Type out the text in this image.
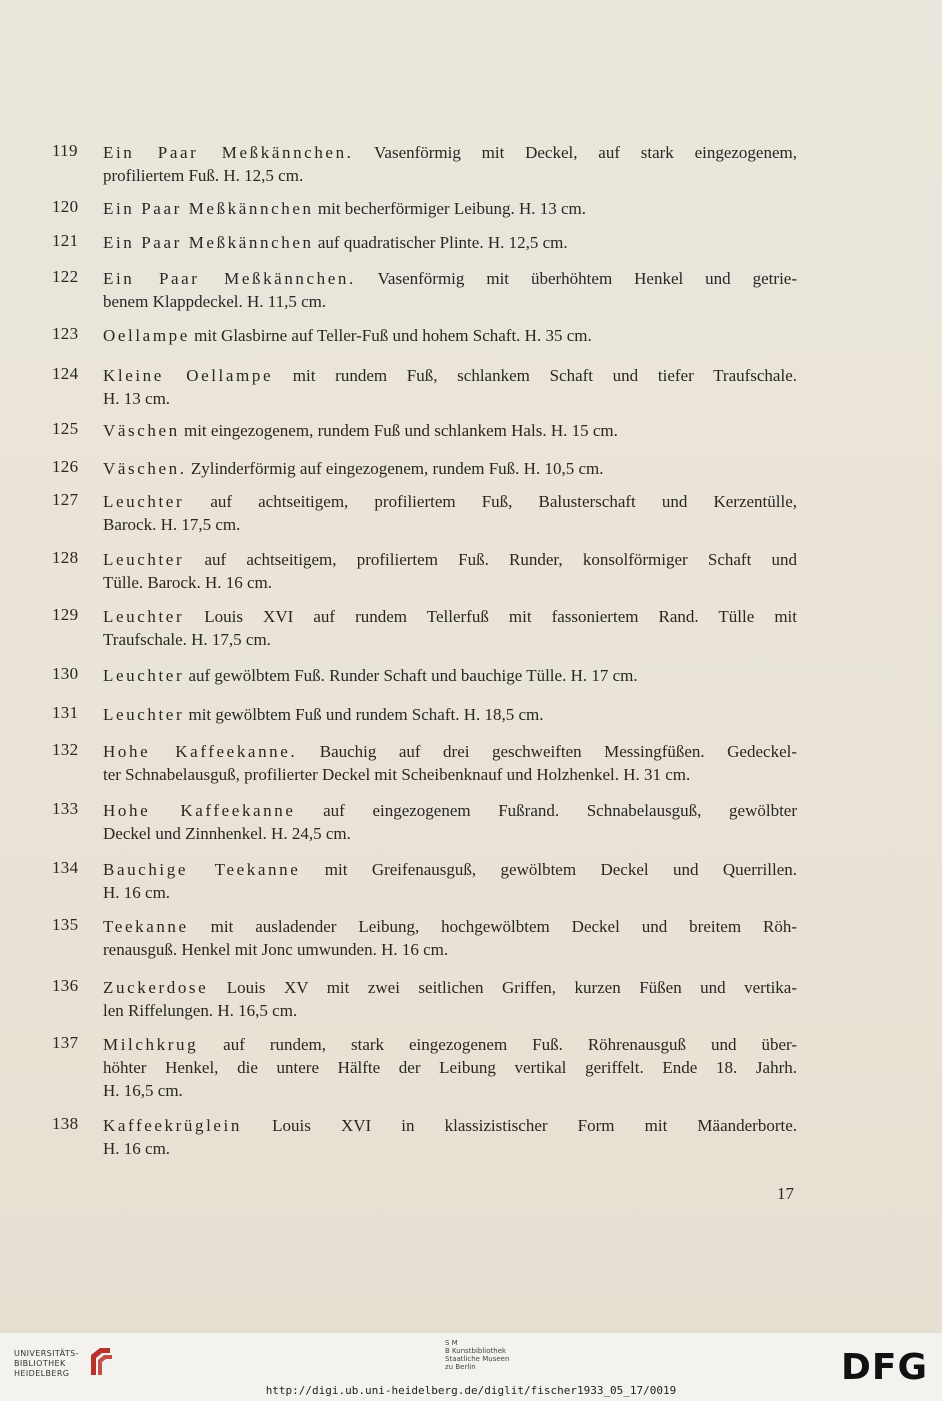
119	Ein Paar Meßkännchen. Vasenförmig mit Deckel, auf stark eingezogenem,
profiliertem Fuß. H. 12,5 cm.
120	Ein Paar Meßkännchen mit becherförmiger Leibung. H. 13 cm.
121	Ein Paar Meßkännchen auf quadratischer Plinte. H. 12,5 cm.
122	Ein Paar Meßkännchen. Vasenförmig mit überhöhtem Henkel und getrie-
benem Klappdeckel. H. 11,5 cm.
123	Oellampe mit Glasbirne auf Teller-Fuß und hohem Schaft. H. 35 cm.
124	Kleine Oellampe mit rundem Fuß, schlankem Schaft und tiefer Traufschale.
H. 13 cm.
125	Väschen mit eingezogenem, rundem Fuß und schlankem Hals. H. 15 cm.
126	Väschen. Zylinderförmig auf eingezogenem, rundem Fuß. H. 10,5 cm.
127	Leuchter auf achtseitigem, profiliertem Fuß, Balusterschaft und Kerzentülle,
Barock. H. 17,5 cm.
128	Leuchter auf achtseitigem, profiliertem Fuß. Runder, konsolförmiger Schaft und
Tülle. Barock. H. 16 cm.
129	Leuchter Louis XVI auf rundem Tellerfuß mit fassoniertem Rand. Tülle mit
Traufschale. H. 17,5 cm.
130	Leuchter auf gewölbtem Fuß. Runder Schaft und bauchige Tülle. H. 17 cm.
131	Leuchter mit gewölbtem Fuß und rundem Schaft. H. 18,5 cm.
132	Hohe Kaffeekanne. Bauchig auf drei geschweiften Messingfüßen. Gedeckel-
ter Schnabelausguß, profilierter Deckel mit Scheibenknauf und Holzhenkel. H. 31 cm.
133	Hohe Kaffeekanne auf eingezogenem Fußrand. Schnabelausguß, gewölbter
Deckel und Zinnhenkel. H. 24,5 cm.
134	Bauchige Teekanne mit Greifenausguß, gewölbtem Deckel und Querrillen.
H. 16 cm.
135	Teekanne mit ausladender Leibung, hochgewölbtem Deckel und breitem Röh-
renausguß. Henkel mit Jonc umwunden. H. 16 cm.
136	Zuckerdose Louis XV mit zwei seitlichen Griffen, kurzen Füßen und vertika-
len Riffelungen. H. 16,5 cm.
137	Milchkrug auf rundem, stark eingezogenem Fuß. Röhrenausguß und über-
höhter Henkel, die untere Hälfte der Leibung vertikal geriffelt. Ende 18. Jahrh.
H. 16,5 cm.
138	Kaffeekrüglein Louis XVI in klassizistischer Form mit Mäanderborte.
H. 16 cm.
17
UNIVERSITÄTS-
BIBLIOTHEK
HEIDELBERG
S M
B Kunstbibliothek
Staatliche Museen
zu Berlin
http://digi.ub.uni-heidelberg.de/diglit/fischer1933_05_17/0019
DFG
